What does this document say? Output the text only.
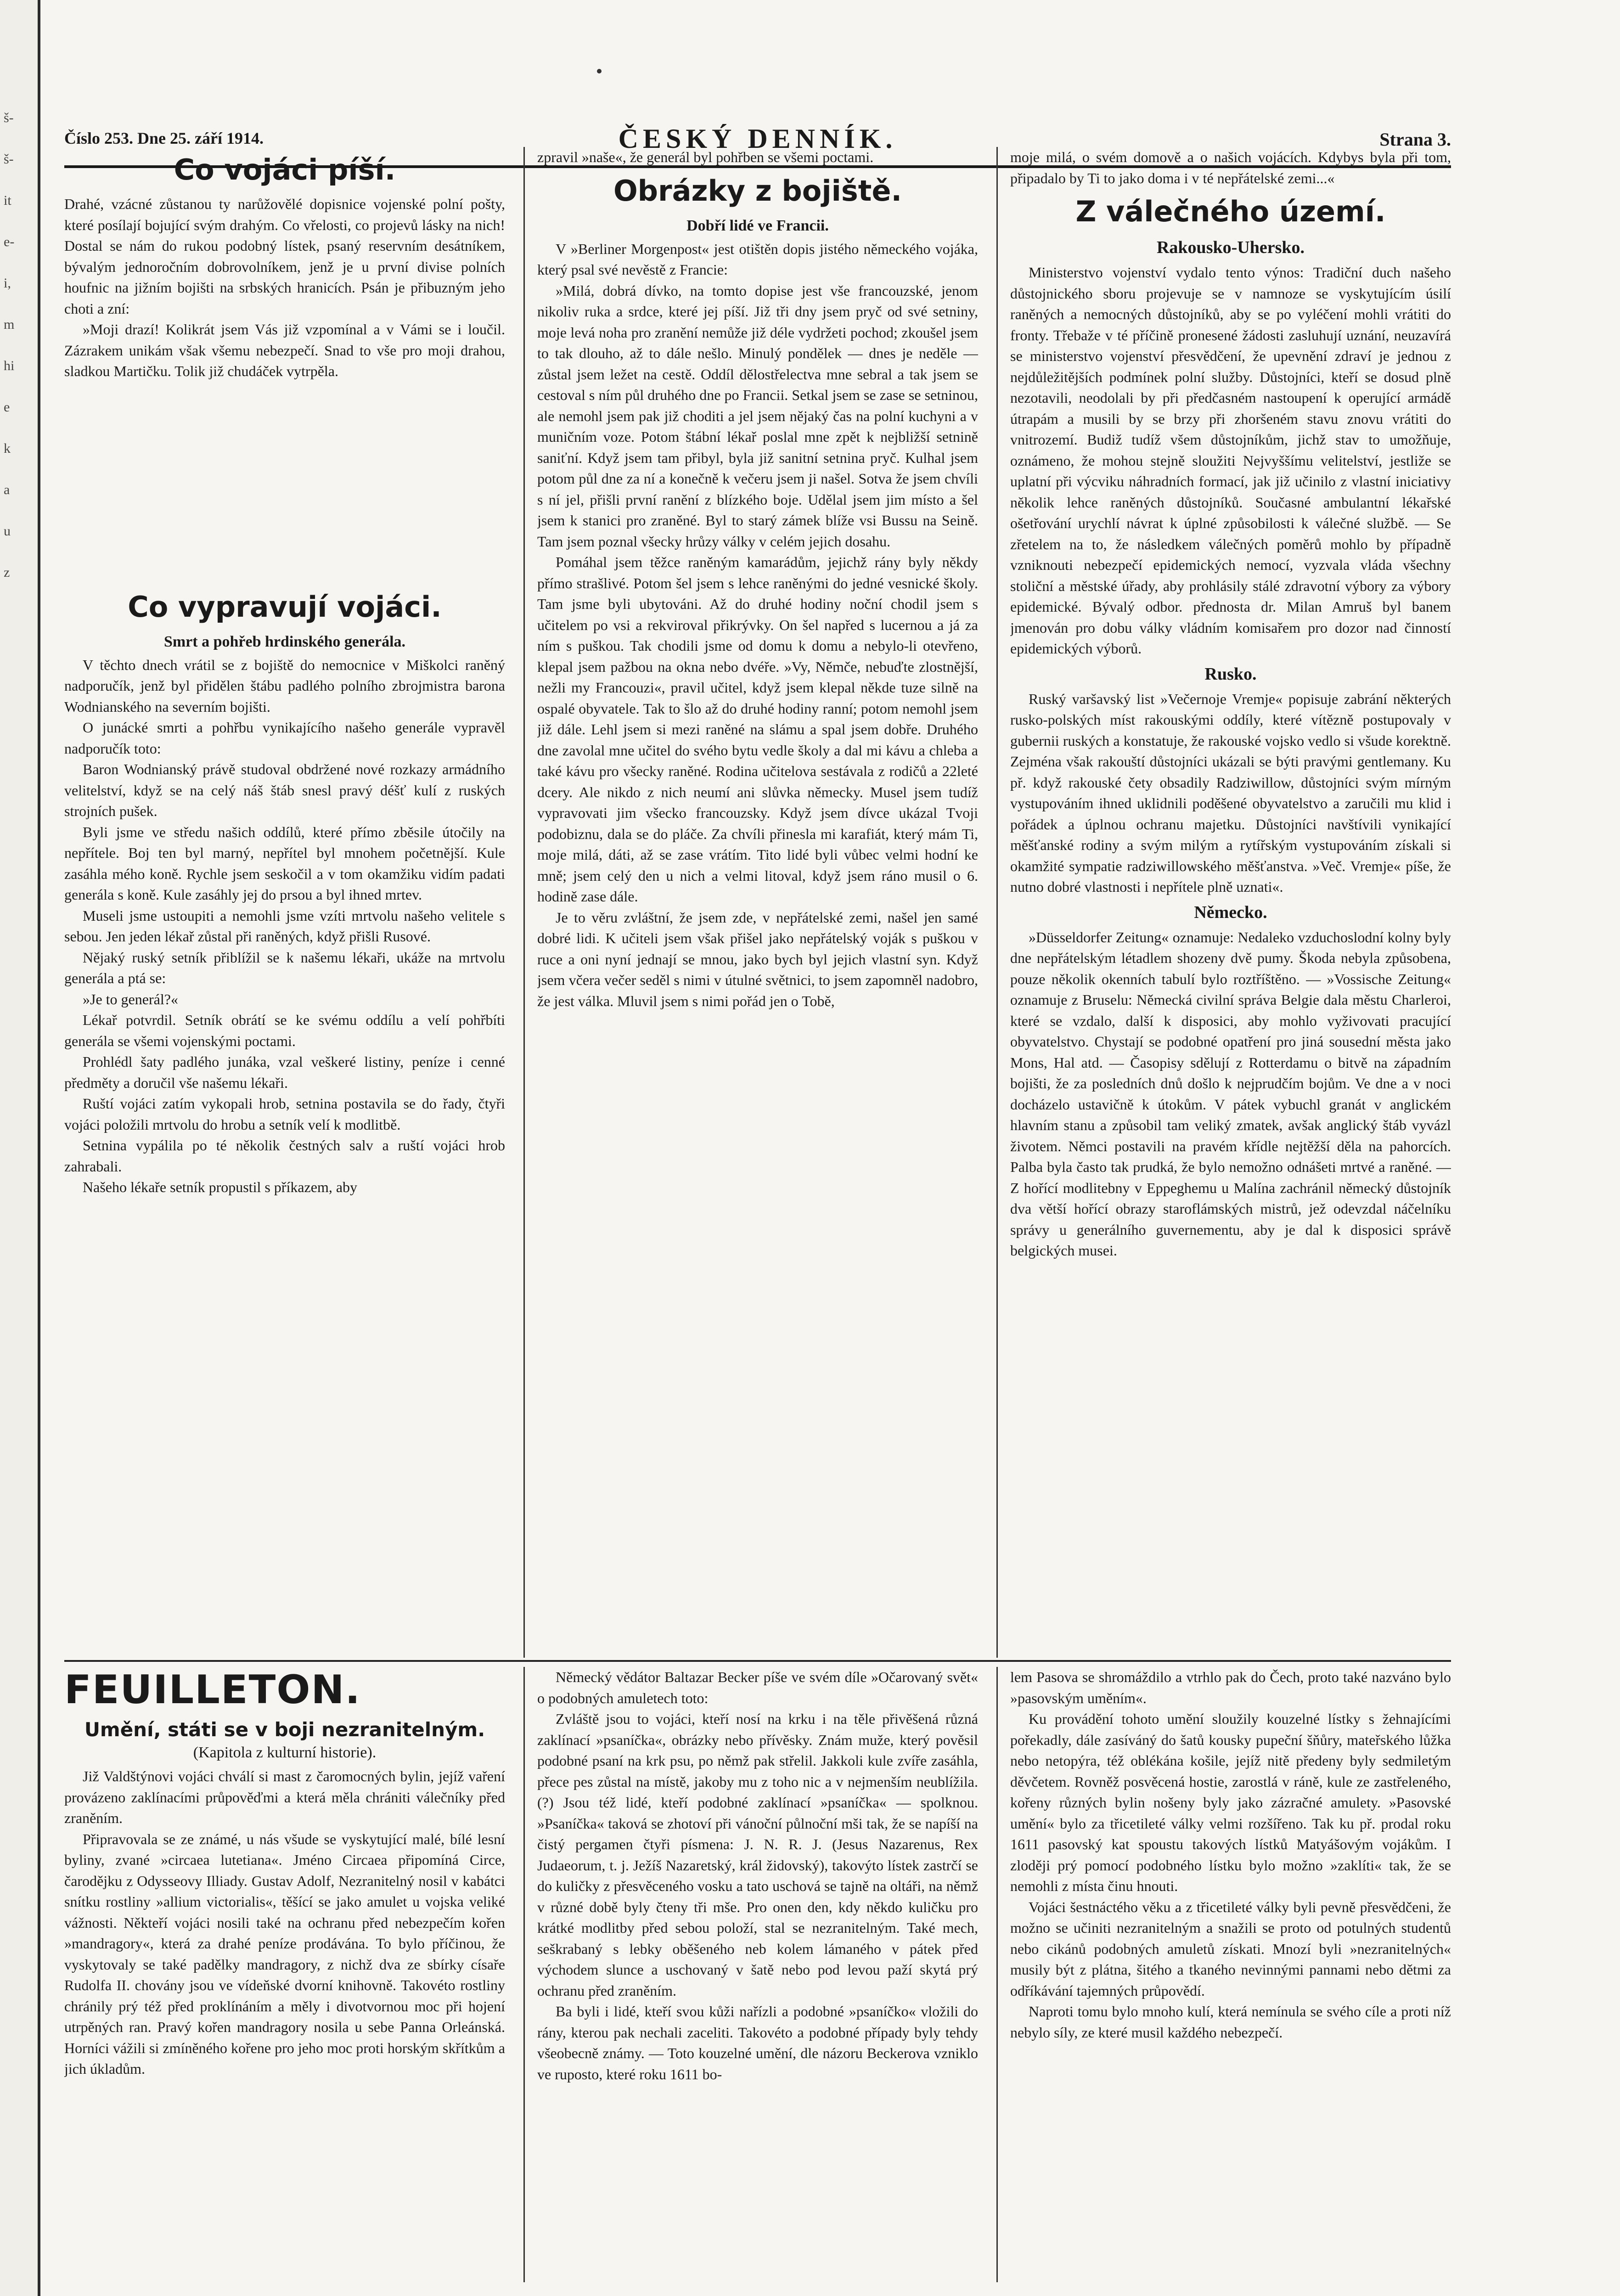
š-
š-
it
e-
i,
m
hi
e
k
a
u
z
Číslo 253. Dne 25. září 1914.	ČESKÝ DENNÍK.	Strana 3.
Co vojáci píší.

Drahé, vzácné zůstanou ty narůžovělé dopisnice vojenské polní pošty, které posílají bojující svým drahým. Co vřelosti, co projevů lásky na nich! Dostal se nám do rukou podobný lístek, psaný reservním desátníkem, bývalým jednoročním dobrovolníkem, jenž je u první divise polních houfnic na jižním bojišti na srbských hranicích. Psán je přibuzným jeho choti a zní:

»Moji drazí! Kolikrát jsem Vás již vzpomínal a v Vámi se i loučil. Zázrakem unikám však všemu nebezpečí. Snad to vše pro moji drahou, sladkou Martičku. Tolik již chudáček vytrpěla.

Co vypravují vojáci.
Smrt a pohřeb hrdinského generála.

V těchto dnech vrátil se z bojiště do nemocnice v Miškolci raněný nadporučík, jenž byl přidělen štábu padlého polního zbrojmistra barona Wodnianského na severním bojišti.

O junácké smrti a pohřbu vynikajícího našeho generále vypravěl nadporučík toto:

Baron Wodnianský právě studoval obdržené nové rozkazy armádního velitelství, když se na celý náš štáb snesl pravý déšť kulí z ruských strojních pušek.

Byli jsme ve středu našich oddílů, které přímo zběsile útočily na nepřítele. Boj ten byl marný, nepřítel byl mnohem početnější. Kule zasáhla mého koně. Rychle jsem seskočil a v tom okamžiku vidím padati generála s koně. Kule zasáhly jej do prsou a byl ihned mrtev.

Museli jsme ustoupiti a nemohli jsme vzíti mrtvolu našeho velitele s sebou. Jen jeden lékař zůstal při raněných, když přišli Rusové.

Nějaký ruský setník přiblížil se k našemu lékaři, ukáže na mrtvolu generála a ptá se:

»Je to generál?«

Lékař potvrdil. Setník obrátí se ke svému oddílu a velí pohřbíti generála se všemi vojenskými poctami.

Prohlédl šaty padlého junáka, vzal veškeré listiny, peníze i cenné předměty a doručil vše našemu lékaři.

Ruští vojáci zatím vykopali hrob, setnina postavila se do řady, čtyři vojáci položili mrtvolu do hrobu a setník velí k modlitbě.

Setnina vypálila po té několik čestných salv a ruští vojáci hrob zahrabali.

Našeho lékaře setník propustil s příkazem, aby

zpravil »naše«, že generál byl pohřben se všemi poctami.

Obrázky z bojiště.
Dobří lidé ve Francii.

V »Berliner Morgenpost« jest otištěn dopis jistého německého vojáka, který psal své nevěstě z Francie:

»Milá, dobrá dívko, na tomto dopise jest vše francouzské, jenom nikoliv ruka a srdce, které jej píší. Již tři dny jsem pryč od své setniny, moje levá noha pro zranění nemůže již déle vydržeti pochod; zkoušel jsem to tak dlouho, až to dále nešlo. Minulý pondělek — dnes je neděle — zůstal jsem ležet na cestě. Oddíl dělostřelectva mne sebral a tak jsem se cestoval s ním půl druhého dne po Francii. Setkal jsem se zase se setninou, ale nemohl jsem pak již choditi a jel jsem nějaký čas na polní kuchyni a v muničním voze. Potom štábní lékař poslal mne zpět k nejbližší setnině saniťní. Když jsem tam přibyl, byla již sanitní setnina pryč. Kulhal jsem potom půl dne za ní a konečně k večeru jsem ji našel. Sotva že jsem chvíli s ní jel, přišli první ranění z blízkého boje. Udělal jsem jim místo a šel jsem k stanici pro zraněné. Byl to starý zámek blíže vsi Bussu na Seině. Tam jsem poznal všecky hrůzy války v celém jejich dosahu.

Pomáhal jsem těžce raněným kamarádům, jejichž rány byly někdy přímo strašlivé. Potom šel jsem s lehce raněnými do jedné vesnické školy. Tam jsme byli ubytováni. Až do druhé hodiny noční chodil jsem s učitelem po vsi a rekviroval přikrývky. On šel napřed s lucernou a já za ním s puškou. Tak chodili jsme od domu k domu a nebylo-li otevřeno, klepal jsem pažbou na okna nebo dvéře. »Vy, Němče, nebuďte zlostnější, nežli my Francouzi«, pravil učitel, když jsem klepal někde tuze silně na ospalé obyvatele. Tak to šlo až do druhé hodiny ranní; potom nemohl jsem již dále. Lehl jsem si mezi raněné na slámu a spal jsem dobře. Druhého dne zavolal mne učitel do svého bytu vedle školy a dal mi kávu a chleba a také kávu pro všecky raněné. Rodina učitelova sestávala z rodičů a 22leté dcery. Ale nikdo z nich neumí ani slůvka německy. Musel jsem tudíž vypravovati jim všecko francouzsky. Když jsem dívce ukázal Tvoji podobiznu, dala se do pláče. Za chvíli přinesla mi karafiát, který mám Ti, moje milá, dáti, až se zase vrátím. Tito lidé byli vůbec velmi hodní ke mně; jsem celý den u nich a velmi litoval, když jsem ráno musil o 6. hodině zase dále.

Je to věru zvláštní, že jsem zde, v nepřátelské zemi, našel jen samé dobré lidi. K učiteli jsem však přišel jako nepřátelský voják s puškou v ruce a oni nyní jednají se mnou, jako bych byl jejich vlastní syn. Když jsem včera večer seděl s nimi v útulné světnici, to jsem zapomněl nadobro, že jest válka. Mluvil jsem s nimi pořád jen o Tobě,

moje milá, o svém domově a o našich vojácích. Kdybys byla při tom, připadalo by Ti to jako doma i v té nepřátelské zemi...«

Z válečného území.
Rakousko-Uhersko.

Ministerstvo vojenství vydalo tento výnos: Tradiční duch našeho důstojnického sboru projevuje se v namnoze se vyskytujícím úsilí raněných a nemocných důstojníků, aby se po vyléčení mohli vrátiti do fronty. Třebaže v té příčině pronesené žádosti zasluhují uznání, neuzavírá se ministerstvo vojenství přesvědčení, že upevnění zdraví je jednou z nejdůležitějších podmínek polní služby. Důstojníci, kteří se dosud plně nezotavili, neodolali by při předčasném nastoupení k operující armádě útrapám a musili by se brzy při zhoršeném stavu znovu vrátiti do vnitrozemí. Budiž tudíž všem důstojníkům, jichž stav to umožňuje, oznámeno, že mohou stejně sloužiti Nejvyššímu velitelství, jestliže se uplatní při výcviku náhradních formací, jak již učinilo z vlastní iniciativy několik lehce raněných důstojníků. Současné ambulantní lékařské ošetřování urychlí návrat k úplné způsobilosti k válečné službě. — Se zřetelem na to, že následkem válečných poměrů mohlo by případně vzniknouti nebezpečí epidemických nemocí, vyzvala vláda všechny stoliční a městské úřady, aby prohlásily stálé zdravotní výbory za výbory epidemické. Bývalý odbor. přednosta dr. Milan Amruš byl banem jmenován pro dobu války vládním komisařem pro dozor nad činností epidemických výborů.

Rusko.

Ruský varšavský list »Večernoje Vremje« popisuje zabrání některých rusko-polských míst rakouskými oddíly, které vítězně postupovaly v gubernii ruských a konstatuje, že rakouské vojsko vedlo si všude korektně. Zejména však rakouští důstojníci ukázali se býti pravými gentlemany. Ku př. když rakouské čety obsadily Radziwillow, důstojníci svým mírným vystupováním ihned uklidnili poděšené obyvatelstvo a zaručili mu klid i pořádek a úplnou ochranu majetku. Důstojníci navštívili vynikající měšťanské rodiny a svým milým a rytířským vystupováním získali si okamžité sympatie radziwillowského měšťanstva. »Več. Vremje« píše, že nutno dobré vlastnosti i nepřítele plně uznati«.

Německo.

»Düsseldorfer Zeitung« oznamuje: Nedaleko vzduchoslodní kolny byly dne nepřátelským létadlem shozeny dvě pumy. Škoda nebyla způsobena, pouze několik okenních tabulí bylo roztříštěno. — »Vossische Zeitung« oznamuje z Bruselu: Německá civilní správa Belgie dala městu Charleroi, které se vzdalo, další k disposici, aby mohlo vyživovati pracující obyvatelstvo. Chystají se podobné opatření pro jiná sousední města jako Mons, Hal atd. — Časopisy sdělují z Rotterdamu o bitvě na západním bojišti, že za posledních dnů došlo k nejprudčím bojům. Ve dne a v noci docházelo ustavičně k útokům. V pátek vybuchl granát v anglickém hlavním stanu a způsobil tam veliký zmatek, avšak anglický štáb vyvázl životem. Němci postavili na pravém křídle nejtěžší děla na pahorcích. Palba byla často tak prudká, že bylo nemožno odnášeti mrtvé a raněné. — Z hořící modlitebny v Eppeghemu u Malína zachránil německý důstojník dva větší hořící obrazy staroflámských mistrů, jež odevzdal náčelníku správy u generálního guvernementu, aby je dal k disposici správě belgických musei.

FEUILLETON.
Umění, státi se v boji nezranitelným.
(Kapitola z kulturní historie).

Již Valdštýnovi vojáci chválí si mast z čaromocných bylin, jejíž vaření provázeno zaklínacími průpověďmi a která měla chrániti válečníky před zraněním.

Připravovala se ze známé, u nás všude se vyskytující malé, bílé lesní byliny, zvané »circaea lutetiana«. Jméno Circaea připomíná Circe, čarodějku z Odysseovy Illiady. Gustav Adolf, Nezranitelný nosil v kabátci snítku rostliny »allium victorialis«, těšící se jako amulet u vojska veliké vážnosti. Někteří vojáci nosili také na ochranu před nebezpečím kořen »mandragory«, která za drahé peníze prodávána. To bylo příčinou, že vyskytovaly se také padělky mandragory, z nichž dva ze sbírky císaře Rudolfa II. chovány jsou ve vídeňské dvorní knihovně. Takovéto rostliny chránily prý též před proklínáním a měly i divotvornou moc při hojení utrpěných ran. Pravý kořen mandragory nosila u sebe Panna Orleánská. Horníci vážili si zmíněného kořene pro jeho moc proti horským skřítkům a jich úkladům.

Německý vědátor Baltazar Becker píše ve svém díle »Očarovaný svět« o podobných amuletech toto:

Zvláště jsou to vojáci, kteří nosí na krku i na těle přivěšená různá zaklínací »psaníčka«, obrázky nebo přívěsky. Znám muže, který pověsil podobné psaní na krk psu, po němž pak střelil. Jakkoli kule zvíře zasáhla, přece pes zůstal na místě, jakoby mu z toho nic a v nejmenším neublížila. (?) Jsou též lidé, kteří podobné zaklínací »psaníčka« — spolknou. »Psaníčka« taková se zhotoví při vánoční půlnoční mši tak, že se napíší na čistý pergamen čtyři písmena: J. N. R. J. (Jesus Nazarenus, Rex Judaeorum, t. j. Ježíš Nazaretský, král židovský), takovýto lístek zastrčí se do kuličky z přesvěceného vosku a tato uschová se tajně na oltáři, na němž v různé době byly čteny tři mše. Pro onen den, kdy někdo kuličku pro krátké modlitby před sebou položí, stal se nezranitelným. Také mech, seškrabaný s lebky oběšeného neb kolem lámaného v pátek před východem slunce a uschovaný v šatě nebo pod levou paží skytá prý ochranu před zraněním.

Ba byli i lidé, kteří svou kůži nařízli a podobné »psaníčko« vložili do rány, kterou pak nechali zaceliti. Takovéto a podobné případy byly tehdy všeobecně známy. — Toto kouzelné umění, dle názoru Beckerova vzniklo ve ruposto, které roku 1611 bo-

lem Pasova se shromáždilo a vtrhlo pak do Čech, proto také nazváno bylo »pasovským uměním«.

Ku provádění tohoto umění sloužily kouzelné lístky s žehnajícími pořekadly, dále zasíváný do šatů kousky pupeční šňůry, mateřského lůžka nebo netopýra, též oblékána košile, jejíž nitě předeny byly sedmiletým děvčetem. Rovněž posvěcená hostie, zarostlá v ráně, kule ze zastřeleného, kořeny různých bylin nošeny byly jako zázračné amulety. »Pasovské umění« bylo za třicetileté války velmi rozšířeno. Tak ku př. prodal roku 1611 pasovský kat spoustu takových lístků Matyášovým vojákům. I zloději prý pomocí podobného lístku bylo možno »zaklíti« tak, že se nemohli z místa činu hnouti.

Vojáci šestnáctého věku a z třicetileté války byli pevně přesvědčeni, že možno se učiniti nezranitelným a snažili se proto od potulných studentů nebo cikánů podobných amuletů získati. Mnozí byli »nezranitelných« musily být z plátna, šitého a tkaného nevinnými pannami nebo dětmi za odříkávání tajemných průpovědí.

Naproti tomu bylo mnoho kulí, která nemínula se svého cíle a proti níž nebylo síly, ze které musil každého nebezpečí.
